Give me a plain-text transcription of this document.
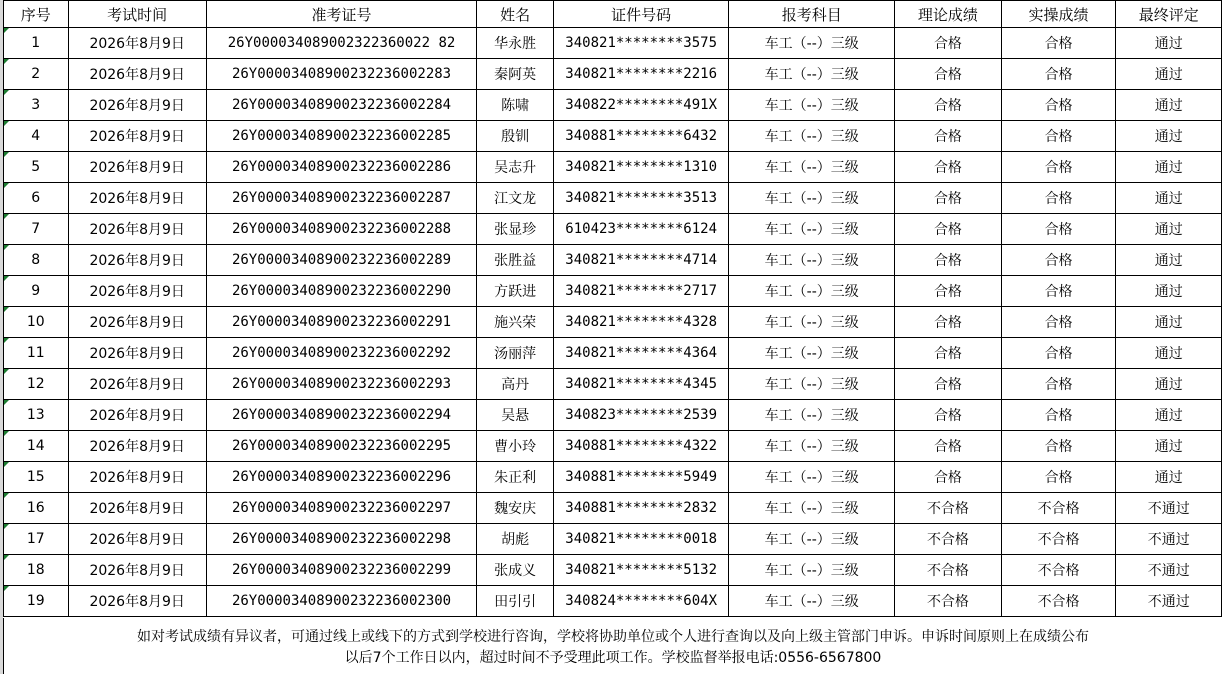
序号	考试时间	准考证号	姓名	证件号码	报考科目	理论成绩	实操成绩	最终评定
1	2026年8月9日	26Y000034089002322360022 82	华永胜	340821********3575	车工（--）三级	合格	合格	通过
2	2026年8月9日	26Y00003408900232236002283	秦阿英	340821********2216	车工（--）三级	合格	合格	通过
3	2026年8月9日	26Y00003408900232236002284	陈啸	340822********491X	车工（--）三级	合格	合格	通过
4	2026年8月9日	26Y00003408900232236002285	殷钏	340881********6432	车工（--）三级	合格	合格	通过
5	2026年8月9日	26Y00003408900232236002286	吴志升	340821********1310	车工（--）三级	合格	合格	通过
6	2026年8月9日	26Y00003408900232236002287	江文龙	340821********3513	车工（--）三级	合格	合格	通过
7	2026年8月9日	26Y00003408900232236002288	张显珍	610423********6124	车工（--）三级	合格	合格	通过
8	2026年8月9日	26Y00003408900232236002289	张胜益	340821********4714	车工（--）三级	合格	合格	通过
9	2026年8月9日	26Y00003408900232236002290	方跃进	340821********2717	车工（--）三级	合格	合格	通过
10	2026年8月9日	26Y00003408900232236002291	施兴荣	340821********4328	车工（--）三级	合格	合格	通过
11	2026年8月9日	26Y00003408900232236002292	汤丽萍	340821********4364	车工（--）三级	合格	合格	通过
12	2026年8月9日	26Y00003408900232236002293	高丹	340821********4345	车工（--）三级	合格	合格	通过
13	2026年8月9日	26Y00003408900232236002294	吴悬	340823********2539	车工（--）三级	合格	合格	通过
14	2026年8月9日	26Y00003408900232236002295	曹小玲	340881********4322	车工（--）三级	合格	合格	通过
15	2026年8月9日	26Y00003408900232236002296	朱正利	340881********5949	车工（--）三级	合格	合格	通过
16	2026年8月9日	26Y00003408900232236002297	魏安庆	340881********2832	车工（--）三级	不合格	不合格	不通过
17	2026年8月9日	26Y00003408900232236002298	胡彪	340821********0018	车工（--）三级	不合格	不合格	不通过
18	2026年8月9日	26Y00003408900232236002299	张成义	340821********5132	车工（--）三级	不合格	不合格	不通过
19	2026年8月9日	26Y00003408900232236002300	田引引	340824********604X	车工（--）三级	不合格	不合格	不通过

如对考试成绩有异议者，可通过线上或线下的方式到学校进行咨询，学校将协助单位或个人进行查询以及向上级主管部门申诉。申诉时间原则上在成绩公布
以后7个工作日以内，超过时间不予受理此项工作。学校监督举报电话:0556-6567800
